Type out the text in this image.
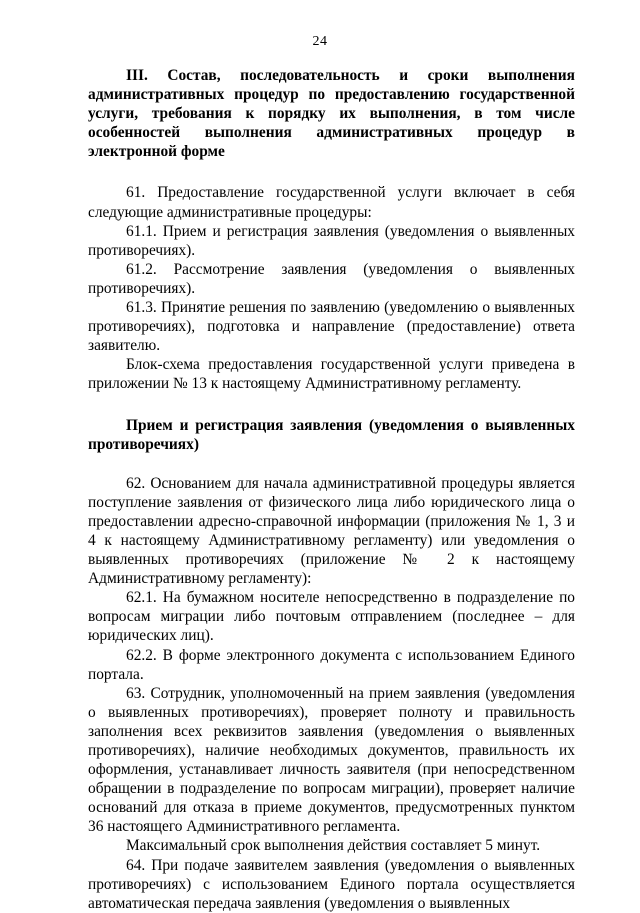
24

III. Состав, последовательность и сроки выполнения административных процедур по предоставлению государственной услуги, требования к порядку их выполнения, в том числе особенностей выполнения административных процедур в электронной форме

61. Предоставление государственной услуги включает в себя следующие административные процедуры:

61.1. Прием и регистрация заявления (уведомления о выявленных противоречиях).

61.2. Рассмотрение заявления (уведомления о выявленных противоречиях).

61.3. Принятие решения по заявлению (уведомлению о выявленных противоречиях), подготовка и направление (предоставление) ответа заявителю.

Блок-схема предоставления государственной услуги приведена в приложении № 13 к настоящему Административному регламенту.

Прием и регистрация заявления (уведомления о выявленных противоречиях)

62. Основанием для начала административной процедуры является поступление заявления от физического лица либо юридического лица о предоставлении адресно-справочной информации (приложения № 1, 3 и 4 к настоящему Административному регламенту) или уведомления о выявленных противоречиях (приложение № 2 к настоящему Административному регламенту):

62.1. На бумажном носителе непосредственно в подразделение по вопросам миграции либо почтовым отправлением (последнее – для юридических лиц).

62.2. В форме электронного документа с использованием Единого портала.

63. Сотрудник, уполномоченный на прием заявления (уведомления о выявленных противоречиях), проверяет полноту и правильность заполнения всех реквизитов заявления (уведомления о выявленных противоречиях), наличие необходимых документов, правильность их оформления, устанавливает личность заявителя (при непосредственном обращении в подразделение по вопросам миграции), проверяет наличие оснований для отказа в приеме документов, предусмотренных пунктом 36 настоящего Административного регламента.

Максимальный срок выполнения действия составляет 5 минут.

64. При подаче заявителем заявления (уведомления о выявленных противоречиях) с использованием Единого портала осуществляется автоматическая передача заявления (уведомления о выявленных
